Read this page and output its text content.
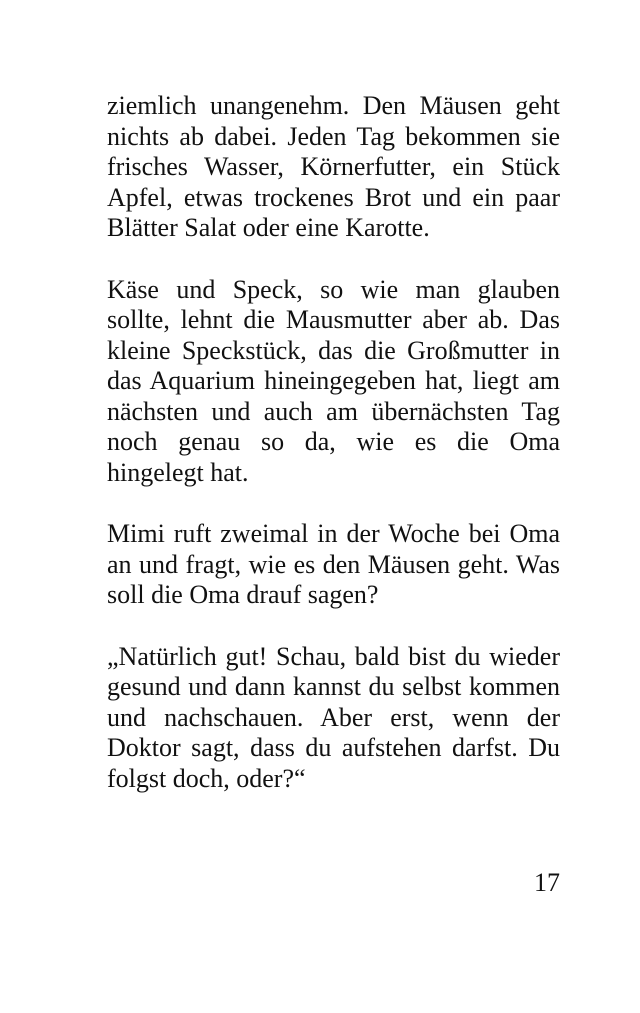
ziemlich unangenehm. Den Mäusen geht
nichts ab dabei. Jeden Tag bekommen sie
frisches Wasser, Körnerfutter, ein Stück
Apfel, etwas trockenes Brot und ein paar
Blätter Salat oder eine Karotte.
Käse und Speck, so wie man glauben
sollte, lehnt die Mausmutter aber ab. Das
kleine Speckstück, das die Großmutter in
das Aquarium hineingegeben hat, liegt am
nächsten und auch am übernächsten Tag
noch genau so da, wie es die Oma
hingelegt hat.
Mimi ruft zweimal in der Woche bei Oma
an und fragt, wie es den Mäusen geht. Was
soll die Oma drauf sagen?
„Natürlich gut! Schau, bald bist du wieder
gesund und dann kannst du selbst kommen
und nachschauen. Aber erst, wenn der
Doktor sagt, dass du aufstehen darfst. Du
folgst doch, oder?“
17
